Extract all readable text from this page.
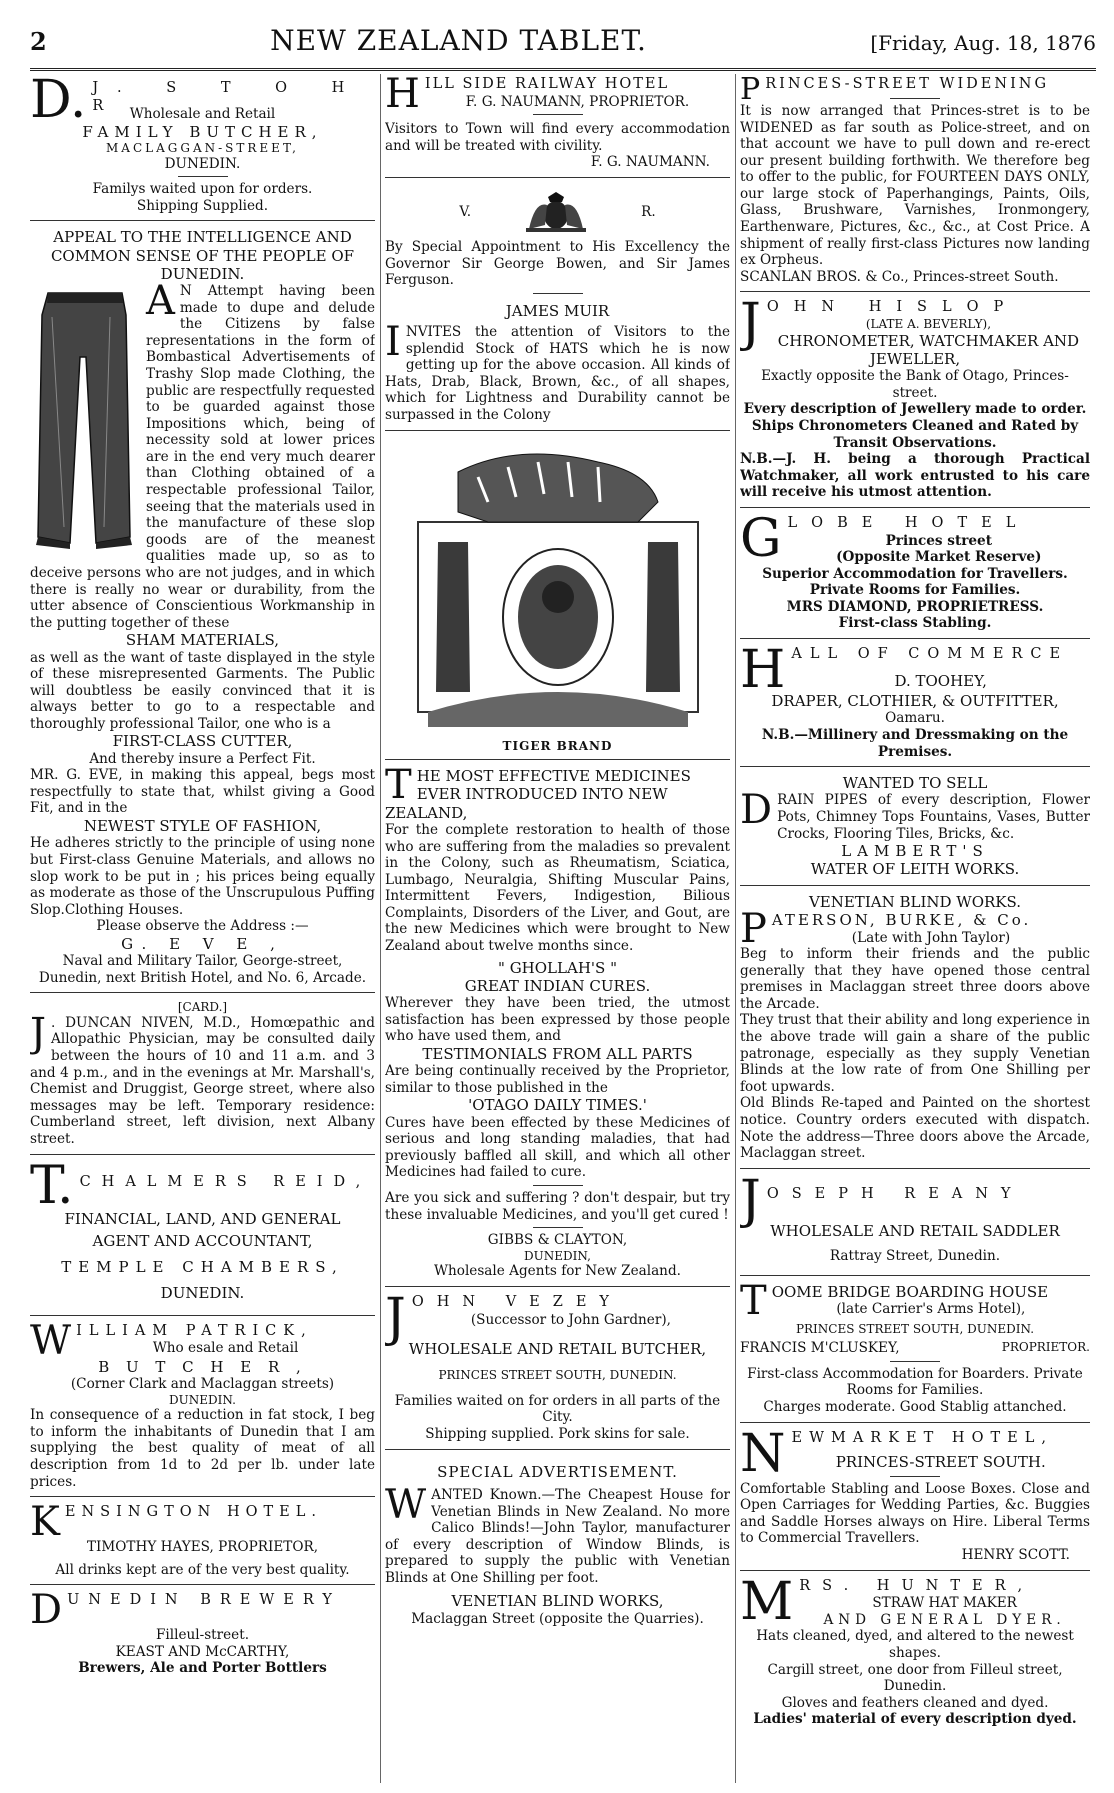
2	NEW ZEALAND TABLET.	[Friday, Aug. 18, 1876
D. J. S T O H R

Wholesale and Retail

FAMILY BUTCHER,

MACLAGGAN-STREET,

DUNEDIN.

Familys waited upon for orders.

Shipping Supplied.

APPEAL TO THE INTELLIGENCE AND COMMON SENSE OF THE PEOPLE OF DUNEDIN.

A N Attempt having been made to dupe and delude the Citizens by false representations in the form of Bombastical Advertisements of Trashy Slop made Clothing, the public are respectfully requested to be guarded against those Impositions which, being of necessity sold at lower prices are in the end very much dearer than Clothing obtained of a respectable professional Tailor, seeing that the materials used in the manufacture of these slop goods are of the meanest qualities made up, so as to deceive persons who are not judges, and in which there is really no wear or durability, from the utter absence of Conscientious Workmanship in the putting together of these

SHAM MATERIALS,

as well as the want of taste displayed in the style of these misrepresented Garments. The Public will doubtless be easily convinced that it is always better to go to a respectable and thoroughly professional Tailor, one who is a

FIRST-CLASS CUTTER,

And thereby insure a Perfect Fit.

MR. G. EVE, in making this appeal, begs most respectfully to state that, whilst giving a Good Fit, and in the

NEWEST STYLE OF FASHION,

He adheres strictly to the principle of using none but First-class Genuine Materials, and allows no slop work to be put in ; his prices being equally as moderate as those of the Unscrupulous Puffing Slop.Clothing Houses.

Please observe the Address :—

G. E V E ,

Naval and Military Tailor, George-street, Dunedin, next British Hotel, and No. 6, Arcade.

[CARD.]

J . DUNCAN NIVEN, M.D., Homœpathic and Allopathic Physician, may be consulted daily between the hours of 10 and 11 a.m. and 3 and 4 p.m., and in the evenings at Mr. Marshall's, Chemist and Druggist, George street, where also messages may be left. Temporary residence: Cumberland street, left division, next Albany street.

T. CHALMERS REID,

FINANCIAL, LAND, AND GENERAL

AGENT AND ACCOUNTANT,

TEMPLE CHAMBERS,

DUNEDIN.

WILLIAM PATRICK,

Who esale and Retail

B U T C H E R ,

(Corner Clark and Maclaggan streets)

DUNEDIN.

In consequence of a reduction in fat stock, I beg to inform the inhabitants of Dunedin that I am supplying the best quality of meat of all description from 1d to 2d per lb. under late prices.

KENSINGTON HOTEL.

TIMOTHY HAYES, PROPRIETOR,

All drinks kept are of the very best quality.

DUNEDIN BREWERY

Filleul-street.

KEAST AND McCARTHY,

Brewers, Ale and Porter Bottlers

HILL SIDE RAILWAY HOTEL

F. G. NAUMANN, PROPRIETOR.

Visitors to Town will find every accommodation and will be treated with civility.

F. G. NAUMANN.

V.	R.

By Special Appointment to His Excellency the Governor Sir George Bowen, and Sir James Ferguson.

JAMES MUIR

INVITES the attention of Visitors to the splendid Stock of HATS which he is now getting up for the above occasion. All kinds of Hats, Drab, Black, Brown, &c., of all shapes, which for Lightness and Durability cannot be surpassed in the Colony

TIGER BRAND

THE MOST EFFECTIVE MEDICINES EVER INTRODUCED INTO NEW ZEALAND,

For the complete restoration to health of those who are suffering from the maladies so prevalent in the Colony, such as Rheumatism, Sciatica, Lumbago, Neuralgia, Shifting Muscular Pains, Intermittent Fevers, Indigestion, Bilious Complaints, Disorders of the Liver, and Gout, are the new Medicines which were brought to New Zealand about twelve months since.

" GHOLLAH'S "

GREAT INDIAN CURES.

Wherever they have been tried, the utmost satisfaction has been expressed by those people who have used them, and

TESTIMONIALS FROM ALL PARTS

Are being continually received by the Proprietor, similar to those published in the

'OTAGO DAILY TIMES.'

Cures have been effected by these Medicines of serious and long standing maladies, that had previously baffled all skill, and which all other Medicines had failed to cure.

Are you sick and suffering ? don't despair, but try these invaluable Medicines, and you'll get cured !

GIBBS & CLAYTON,

DUNEDIN,

Wholesale Agents for New Zealand.

JOHN VEZEY

(Successor to John Gardner),

WHOLESALE AND RETAIL BUTCHER,

PRINCES STREET SOUTH, DUNEDIN.

Families waited on for orders in all parts of the City.

Shipping supplied. Pork skins for sale.

SPECIAL ADVERTISEMENT.

WANTED Known.—The Cheapest House for Venetian Blinds in New Zealand. No more Calico Blinds!—John Taylor, manufacturer of every description of Window Blinds, is prepared to supply the public with Venetian Blinds at One Shilling per foot.

VENETIAN BLIND WORKS,

Maclaggan Street (opposite the Quarries).

PRINCES-STREET WIDENING

It is now arranged that Princes-stret is to be WIDENED as far south as Police-street, and on that account we have to pull down and re-erect our present building forthwith. We therefore beg to offer to the public, for FOURTEEN DAYS ONLY, our large stock of Paperhangings, Paints, Oils, Glass, Brushware, Varnishes, Ironmongery, Earthenware, Pictures, &c., &c., at Cost Price. A shipment of really first-class Pictures now landing ex Orpheus.

SCANLAN BROS. & Co., Princes-street South.

JOHN HISLOP

(LATE A. BEVERLY),

CHRONOMETER, WATCHMAKER AND JEWELLER,

Exactly opposite the Bank of Otago, Princes-street.

Every description of Jewellery made to order.

Ships Chronometers Cleaned and Rated by Transit Observations.

N.B.—J. H. being a thorough Practical Watchmaker, all work entrusted to his care will receive his utmost attention.

GLOBE HOTEL

Princes street

(Opposite Market Reserve)

Superior Accommodation for Travellers. Private Rooms for Families.

MRS DIAMOND, PROPRIETRESS.

First-class Stabling.

HALL OF COMMERCE

D. TOOHEY,

DRAPER, CLOTHIER, & OUTFITTER,

Oamaru.

N.B.—Millinery and Dressmaking on the Premises.

WANTED TO SELL

DRAIN PIPES of every description, Flower Pots, Chimney Tops Fountains, Vases, Butter Crocks, Flooring Tiles, Bricks, &c.

LAMBERT'S

WATER OF LEITH WORKS.

VENETIAN BLIND WORKS.

PATERSON, BURKE, & Co.

(Late with John Taylor)

Beg to inform their friends and the public generally that they have opened those central premises in Maclaggan street three doors above the Arcade.

They trust that their ability and long experience in the above trade will gain a share of the public patronage, especially as they supply Venetian Blinds at the low rate of from One Shilling per foot upwards.

Old Blinds Re-taped and Painted on the shortest notice. Country orders executed with dispatch. Note the address—Three doors above the Arcade, Maclaggan street.

JOSEPH REANY

WHOLESALE AND RETAIL SADDLER

Rattray Street, Dunedin.

TOOME BRIDGE BOARDING HOUSE

(late Carrier's Arms Hotel),

PRINCES STREET SOUTH, DUNEDIN.

FRANCIS M'CLUSKEY,	PROPRIETOR.

First-class Accommodation for Boarders. Private Rooms for Families.

Charges moderate. Good Stablig attanched.

NEWMARKET HOTEL,

PRINCES-STREET SOUTH.

Comfortable Stabling and Loose Boxes. Close and Open Carriages for Wedding Parties, &c. Buggies and Saddle Horses always on Hire. Liberal Terms to Commercial Travellers.

HENRY SCOTT.

MRS. HUNTER,

STRAW HAT MAKER

AND GENERAL DYER.

Hats cleaned, dyed, and altered to the newest shapes.

Cargill street, one door from Filleul street, Dunedin.

Gloves and feathers cleaned and dyed.

Ladies' material of every description dyed.
